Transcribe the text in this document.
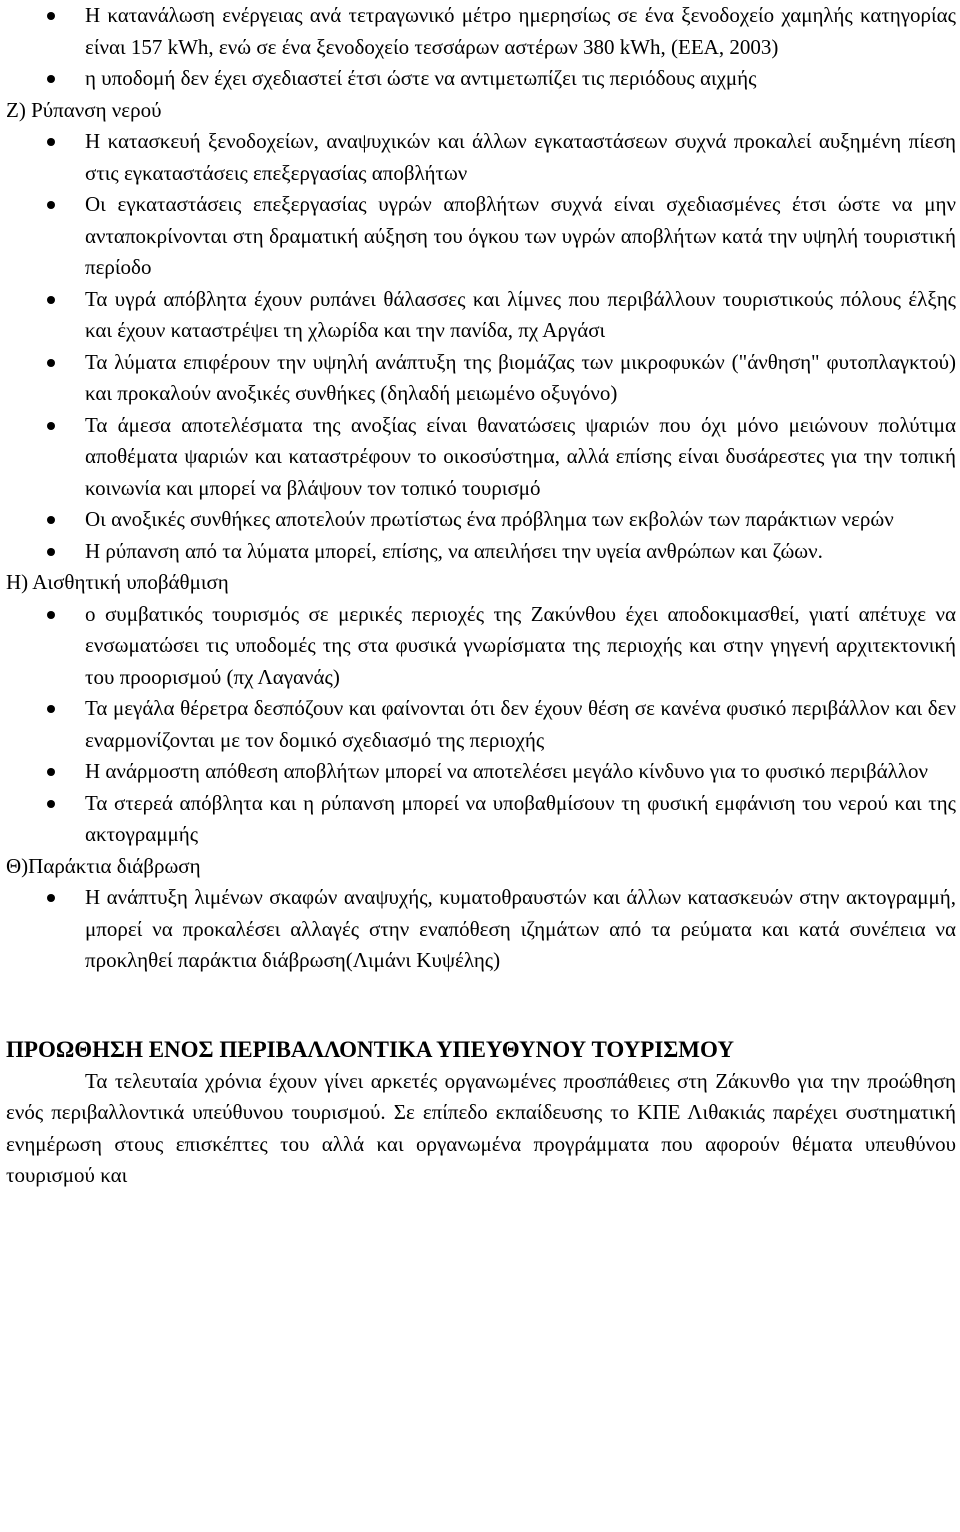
Η κατανάλωση ενέργειας ανά τετραγωνικό μέτρο ημερησίως σε ένα ξενοδοχείο χαμηλής κατηγορίας είναι 157 kWh, ενώ σε ένα ξενοδοχείο τεσσάρων αστέρων 380 kWh, (ΕΕΑ, 2003)
η υποδομή δεν έχει σχεδιαστεί έτσι ώστε να αντιμετωπίζει τις περιόδους αιχμής
Ζ) Ρύπανση νερού
Η κατασκευή ξενοδοχείων, αναψυχικών και άλλων εγκαταστάσεων συχνά προκαλεί αυξημένη πίεση στις εγκαταστάσεις επεξεργασίας αποβλήτων
Οι εγκαταστάσεις επεξεργασίας υγρών αποβλήτων συχνά είναι σχεδιασμένες έτσι ώστε να μην ανταποκρίνονται στη δραματική αύξηση του όγκου των υγρών αποβλήτων κατά την υψηλή τουριστική περίοδο
Τα υγρά απόβλητα έχουν ρυπάνει θάλασσες και λίμνες που περιβάλλουν τουριστικούς πόλους έλξης και έχουν καταστρέψει τη χλωρίδα και την πανίδα, πχ Αργάσι
Τα λύματα επιφέρουν την υψηλή ανάπτυξη της βιομάζας των μικροφυκών ("άνθηση" φυτοπλαγκτού) και προκαλούν ανοξικές συνθήκες (δηλαδή μειωμένο οξυγόνο)
Τα άμεσα αποτελέσματα της ανοξίας είναι θανατώσεις ψαριών που όχι μόνο μειώνουν πολύτιμα αποθέματα ψαριών και καταστρέφουν το οικοσύστημα, αλλά επίσης είναι δυσάρεστες για την τοπική κοινωνία και μπορεί να βλάψουν τον τοπικό τουρισμό
Οι ανοξικές συνθήκες αποτελούν πρωτίστως ένα πρόβλημα των εκβολών των παράκτιων νερών
Η ρύπανση από τα λύματα μπορεί, επίσης, να απειλήσει την υγεία ανθρώπων και ζώων.
Η) Αισθητική υποβάθμιση
ο συμβατικός τουρισμός σε μερικές περιοχές της Ζακύνθου έχει αποδοκιμασθεί, γιατί απέτυχε να ενσωματώσει τις υποδομές της στα φυσικά γνωρίσματα της περιοχής και στην γηγενή αρχιτεκτονική του προορισμού (πχ Λαγανάς)
Τα μεγάλα θέρετρα δεσπόζουν και φαίνονται ότι δεν έχουν θέση σε κανένα φυσικό περιβάλλον και δεν εναρμονίζονται με τον δομικό σχεδιασμό της περιοχής
Η ανάρμοστη απόθεση αποβλήτων μπορεί να αποτελέσει μεγάλο κίνδυνο για το φυσικό περιβάλλον
Τα στερεά απόβλητα και η ρύπανση μπορεί να υποβαθμίσουν τη φυσική εμφάνιση του νερού και της ακτογραμμής
Θ)Παράκτια διάβρωση
Η ανάπτυξη λιμένων σκαφών αναψυχής, κυματοθραυστών και άλλων κατασκευών στην ακτογραμμή, μπορεί να προκαλέσει αλλαγές στην εναπόθεση ιζημάτων από τα ρεύματα και κατά συνέπεια να προκληθεί παράκτια διάβρωση(Λιμάνι Κυψέλης)
ΠΡΟΩΘΗΣΗ ΕΝΟΣ ΠΕΡΙΒΑΛΛΟΝΤΙΚΑ ΥΠΕΥΘΥΝΟΥ ΤΟΥΡΙΣΜΟΥ

Τα τελευταία χρόνια έχουν γίνει αρκετές οργανωμένες προσπάθειες στη Ζάκυνθο για την προώθηση ενός περιβαλλοντικά υπεύθυνου τουρισμού. Σε επίπεδο εκπαίδευσης το ΚΠΕ Λιθακιάς παρέχει συστηματική ενημέρωση στους επισκέπτες του αλλά και οργανωμένα προγράμματα που αφορούν θέματα υπευθύνου τουρισμού και
